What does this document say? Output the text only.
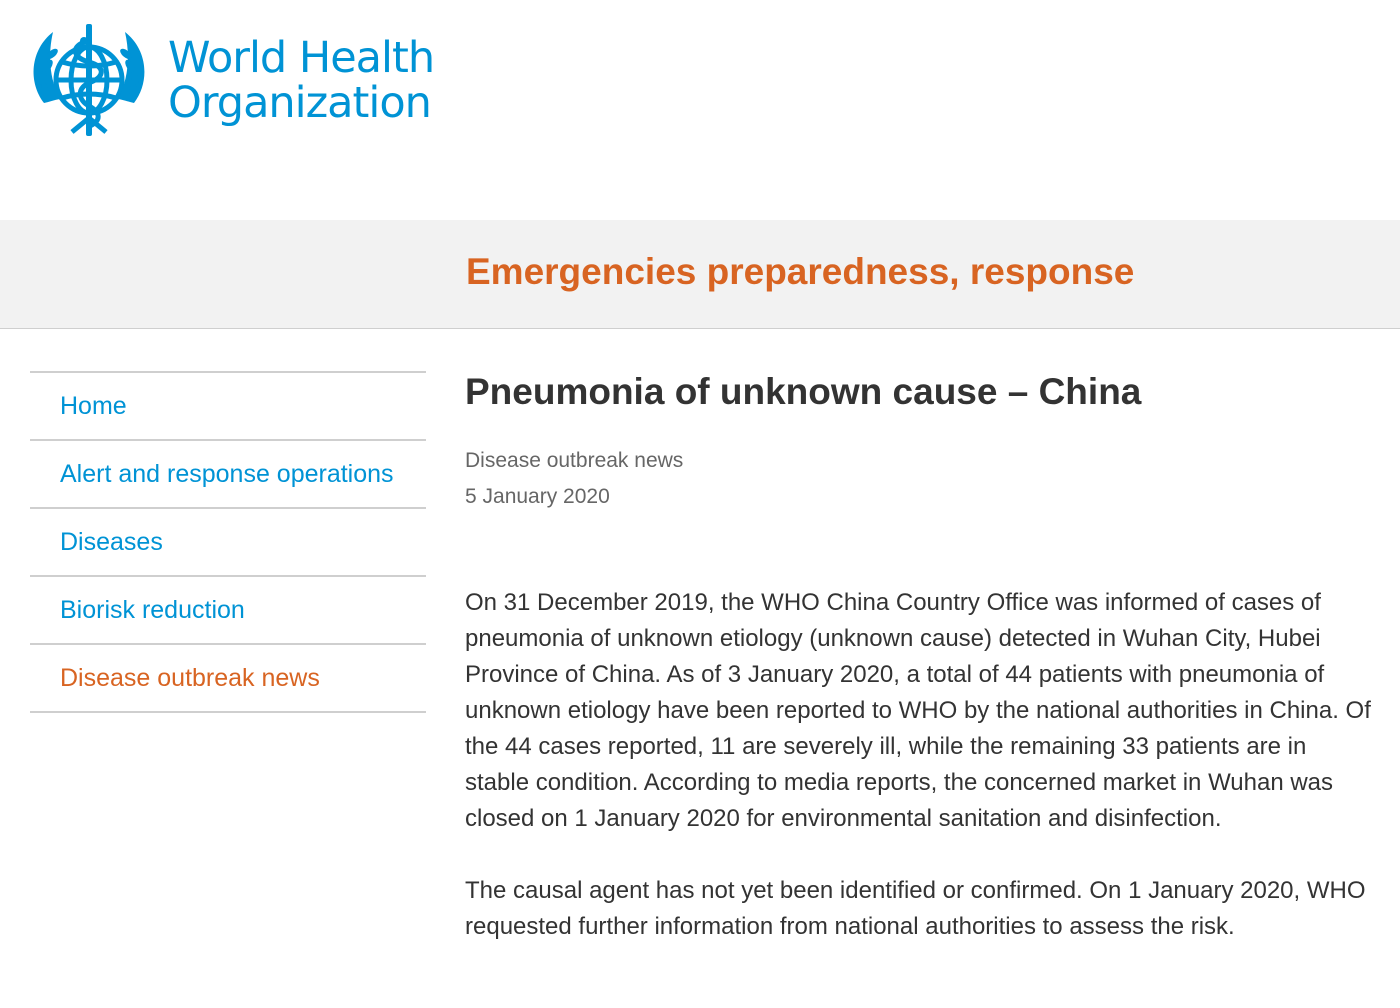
World Health
Organization
Emergencies preparedness, response
Home
Alert and response operations
Diseases
Biorisk reduction
Disease outbreak news
Pneumonia of unknown cause – China
Disease outbreak news
5 January 2020

On 31 December 2019, the WHO China Country Office was informed of cases of pneumonia of unknown etiology (unknown cause) detected in Wuhan City, Hubei Province of China. As of 3 January 2020, a total of 44 patients with pneumonia of unknown etiology have been reported to WHO by the national authorities in China. Of the 44 cases reported, 11 are severely ill, while the remaining 33 patients are in stable condition. According to media reports, the concerned market in Wuhan was closed on 1 January 2020 for environmental sanitation and disinfection.

The causal agent has not yet been identified or confirmed. On 1 January 2020, WHO requested further information from national authorities to assess the risk.
